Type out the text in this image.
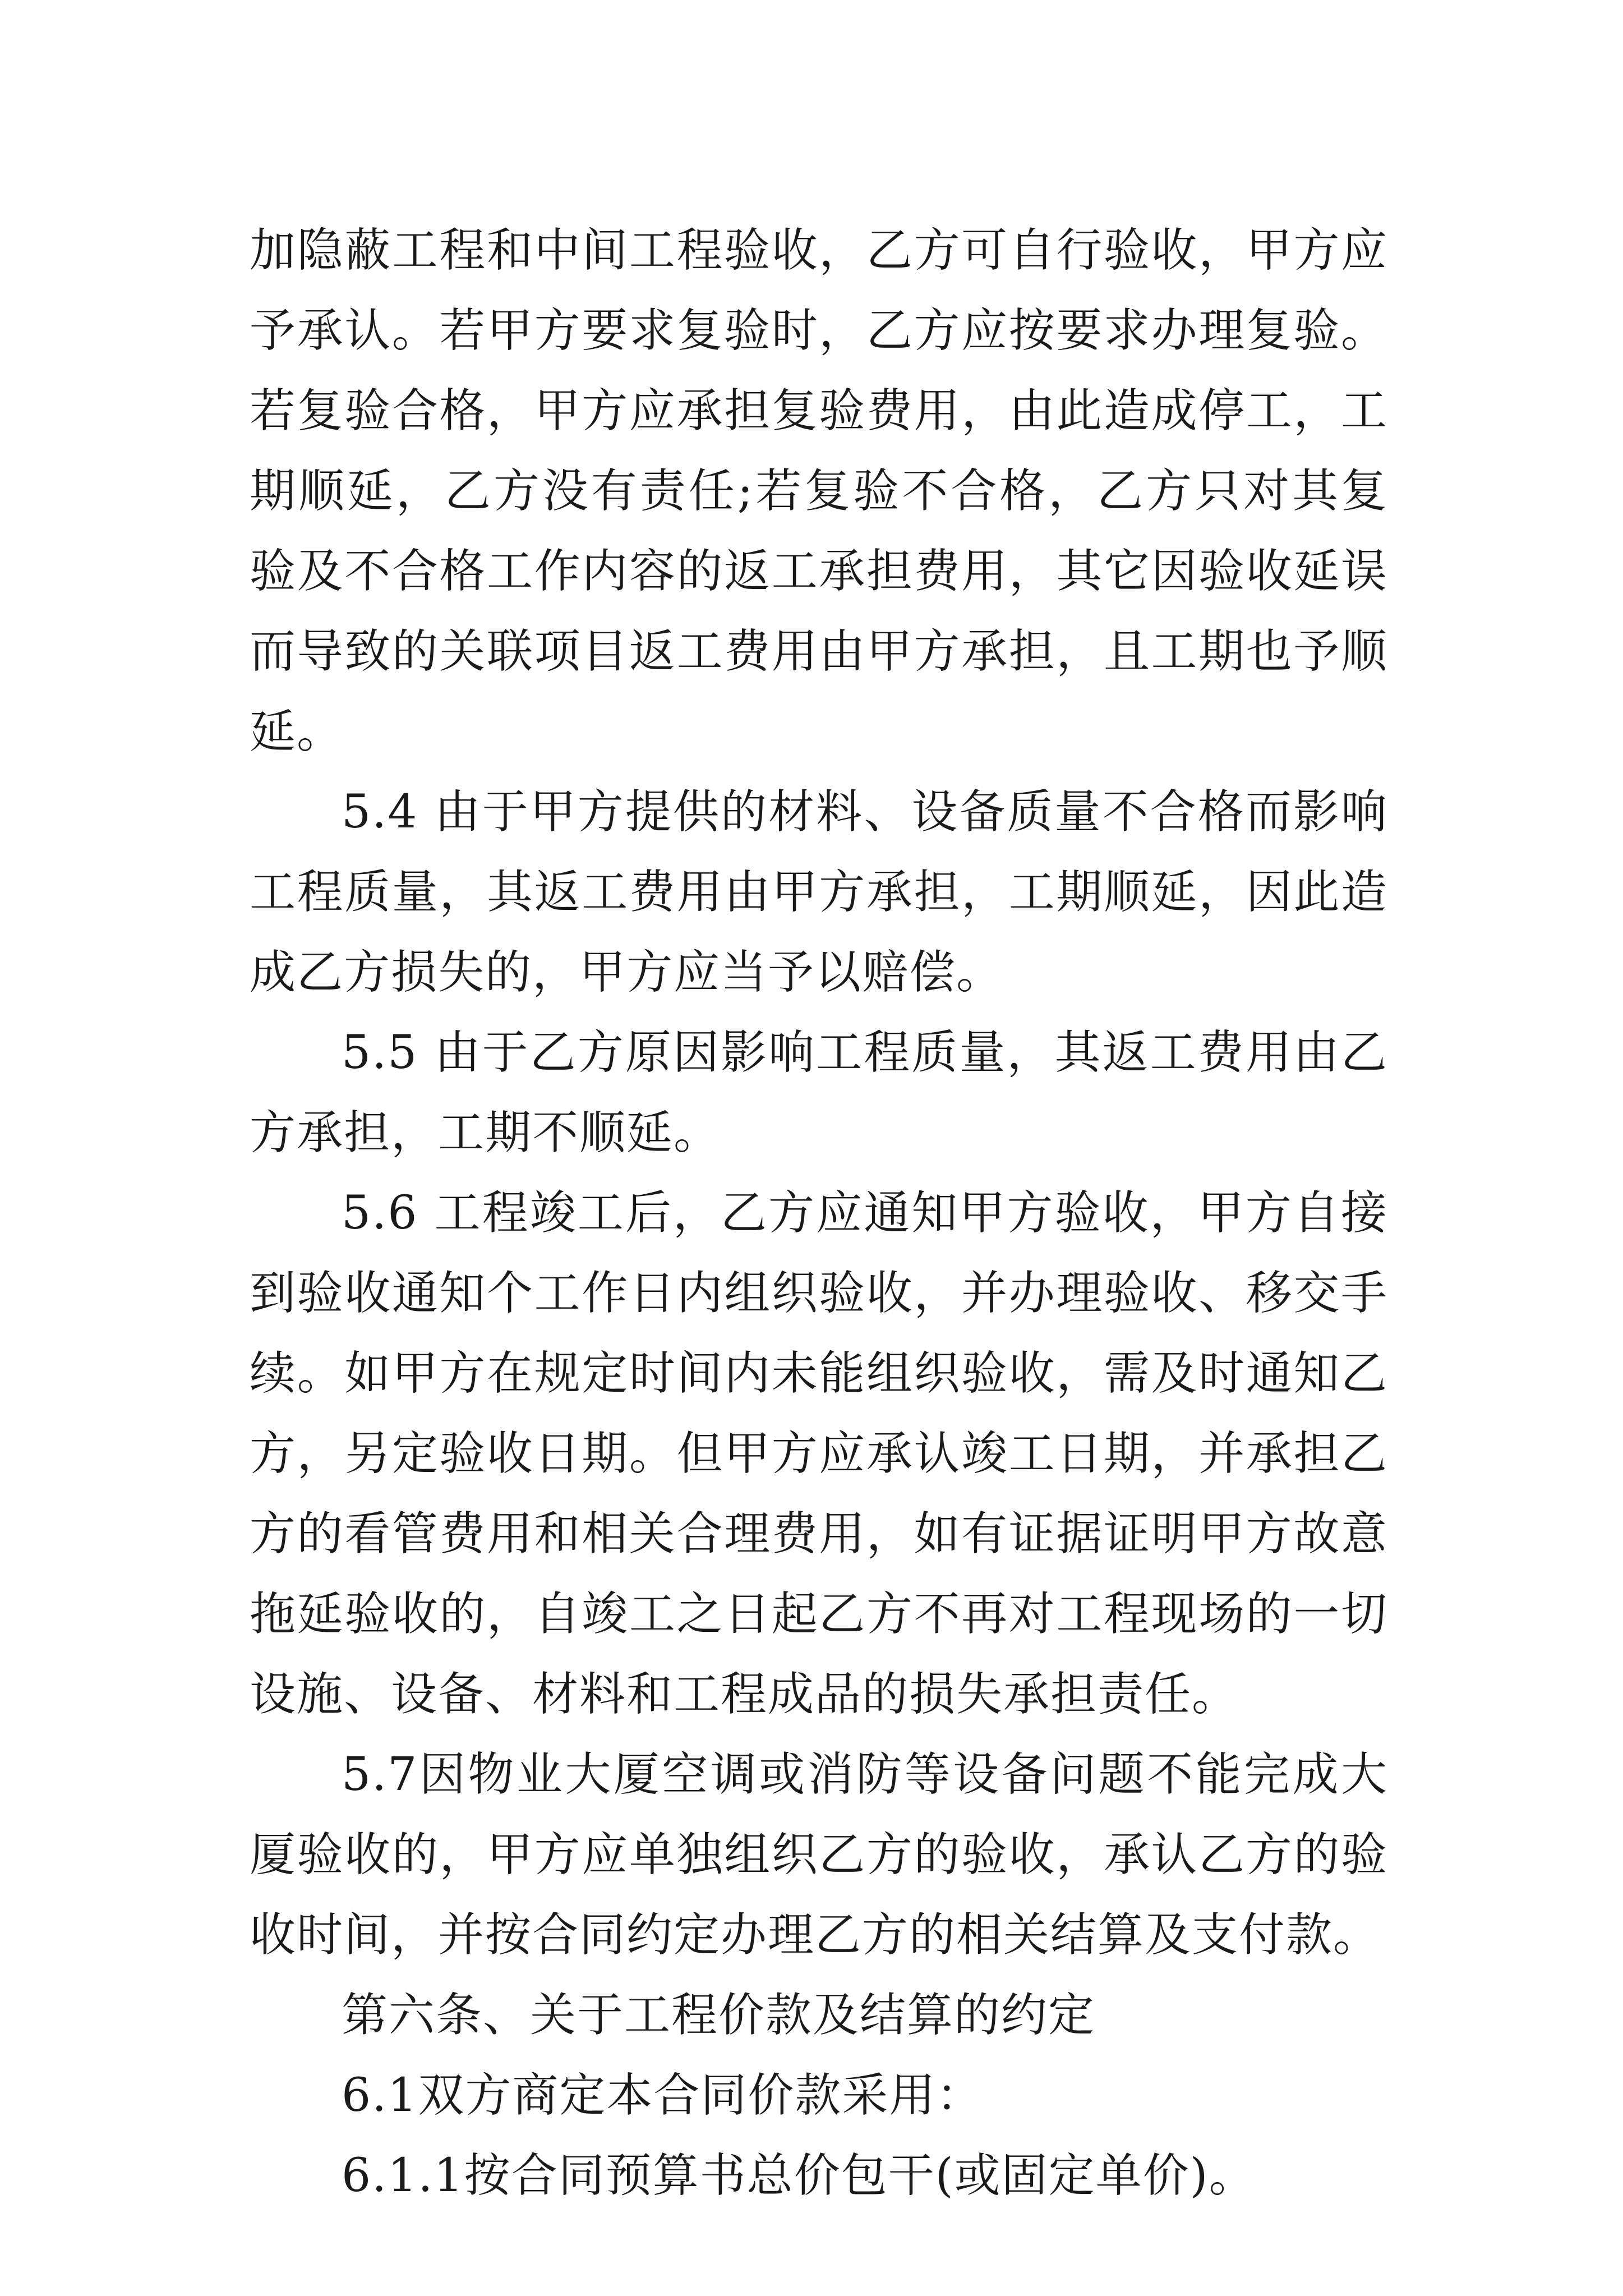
加隐蔽工程和中间工程验收，乙方可自行验收，甲方应予承认。若甲方要求复验时，乙方应按要求办理复验。若复验合格，甲方应承担复验费用，由此造成停工，工期顺延，乙方没有责任;若复验不合格，乙方只对其复验及不合格工作内容的返工承担费用，其它因验收延误而导致的关联项目返工费用由甲方承担，且工期也予顺延。

5.4 由于甲方提供的材料、设备质量不合格而影响工程质量，其返工费用由甲方承担，工期顺延，因此造成乙方损失的，甲方应当予以赔偿。

5.5 由于乙方原因影响工程质量，其返工费用由乙方承担，工期不顺延。

5.6 工程竣工后，乙方应通知甲方验收，甲方自接到验收通知个工作日内组织验收，并办理验收、移交手续。如甲方在规定时间内未能组织验收，需及时通知乙方，另定验收日期。但甲方应承认竣工日期，并承担乙方的看管费用和相关合理费用，如有证据证明甲方故意拖延验收的，自竣工之日起乙方不再对工程现场的一切设施、设备、材料和工程成品的损失承担责任。

5.7因物业大厦空调或消防等设备问题不能完成大厦验收的，甲方应单独组织乙方的验收，承认乙方的验收时间，并按合同约定办理乙方的相关结算及支付款。

第六条、关于工程价款及结算的约定

6.1双方商定本合同价款采用：

6.1.1按合同预算书总价包干(或固定单价)。
